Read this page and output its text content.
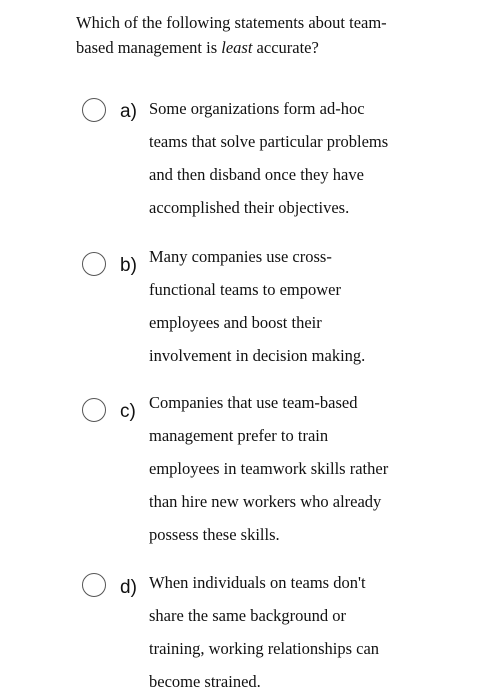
Which of the following statements about team-
based management is least accurate?

a) Some organizations form ad-hoc
teams that solve particular problems
and then disband once they have
accomplished their objectives.

b) Many companies use cross-
functional teams to empower
employees and boost their
involvement in decision making.

c) Companies that use team-based
management prefer to train
employees in teamwork skills rather
than hire new workers who already
possess these skills.

d) When individuals on teams don't
share the same background or
training, working relationships can
become strained.
